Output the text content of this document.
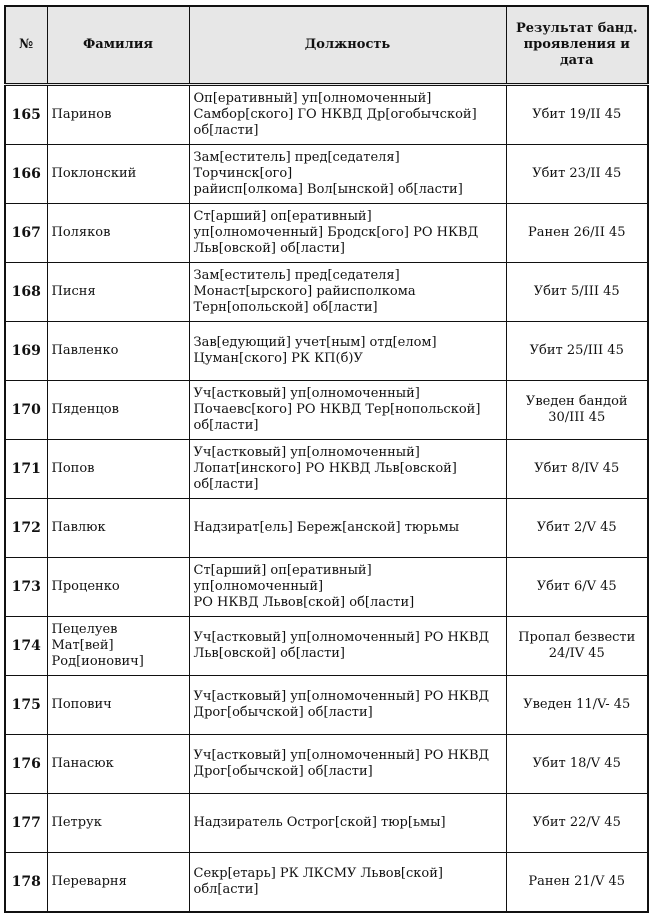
№	Фамилия	Должность	Результат банд.
проявления и дата
165	Паринов	Оп[еративный] уп[олномоченный]
Самбор[ского] ГО НКВД Др[огобычской]
об[ласти]	Убит 19/II 45
166	Поклонский	Зам[еститель] пред[седателя] Торчинск[ого]
райисп[олкома] Вол[ынской] об[ласти]	Убит 23/II 45
167	Поляков	Ст[арший] оп[еративный]
уп[олномоченный] Бродск[ого] РО НКВД
Льв[овской] об[ласти]	Ранен 26/II 45
168	Писня	Зам[еститель] пред[седателя]
Монаст[ырского] райисполкома
Терн[опольской] об[ласти]	Убит 5/III 45
169	Павленко	Зав[едующий] учет[ным] отд[елом]
Цуман[ского] РК КП(б)У	Убит 25/III 45
170	Пяденцов	Уч[астковый] уп[олномоченный]
Почаевс[кого] РО НКВД Тер[нопольской]
об[ласти]	Уведен бандой
30/III 45
171	Попов	Уч[астковый] уп[олномоченный]
Лопат[инского] РО НКВД Льв[овской]
об[ласти]	Убит 8/IV 45
172	Павлюк	Надзират[ель] Береж[анской] тюрьмы	Убит 2/V 45
173	Проценко	Ст[арший] оп[еративный] уп[олномоченный]
РО НКВД Львов[ской] об[ласти]	Убит 6/V 45
174	Пецелуев
Мат[вей]
Род[ионович]	Уч[астковый] уп[олномоченный] РО НКВД
Льв[овской] об[ласти]	Пропал безвести
24/IV 45
175	Попович	Уч[астковый] уп[олномоченный] РО НКВД
Дрог[обычской] об[ласти]	Уведен 11/V- 45
176	Панасюк	Уч[астковый] уп[олномоченный] РО НКВД
Дрог[обычской] об[ласти]	Убит 18/V 45
177	Петрук	Надзиратель Острог[ской] тюр[ьмы]	Убит 22/V 45
178	Переварня	Секр[етарь] РК ЛКСМУ Львов[ской]
обл[асти]	Ранен 21/V 45
